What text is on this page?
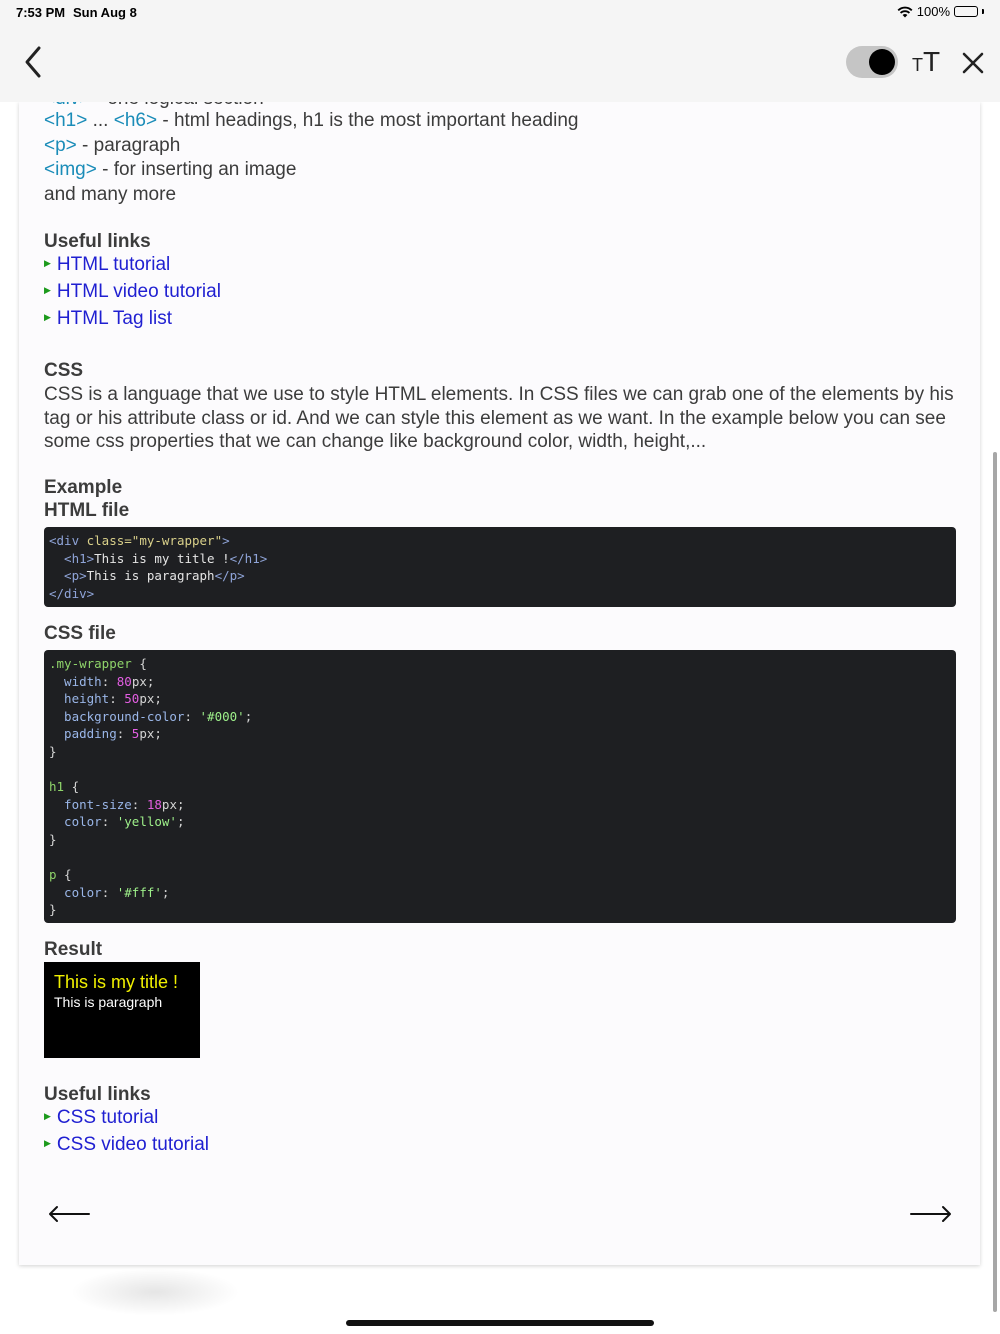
7:53 PM Sun Aug 8	100%
T T
<h1> ... <h6> - html headings, h1 is the most important heading
<p> - paragraph
<img> - for inserting an image
and many more
Useful links
▶ HTML tutorial
▶ HTML video tutorial
▶ HTML Tag list
CSS
CSS is a language that we use to style HTML elements. In CSS files we can grab one of the elements by his tag or his attribute class or id. And we can style this element as we want. In the example below you can see some css properties that we can change like background color, width, height,...
Example
HTML file
<div class="my-wrapper">
<h1>This is my title !</h1>
<p>This is paragraph</p>
</div>
CSS file
.my-wrapper {
width: 80px;
height: 50px;
background-color: '#000';
padding: 5px;
}

h1 {
font-size: 18px;
color: 'yellow';
}

p {
color: '#fff';
}
Result
This is my title !
This is paragraph
Useful links
▶ CSS tutorial
▶ CSS video tutorial
